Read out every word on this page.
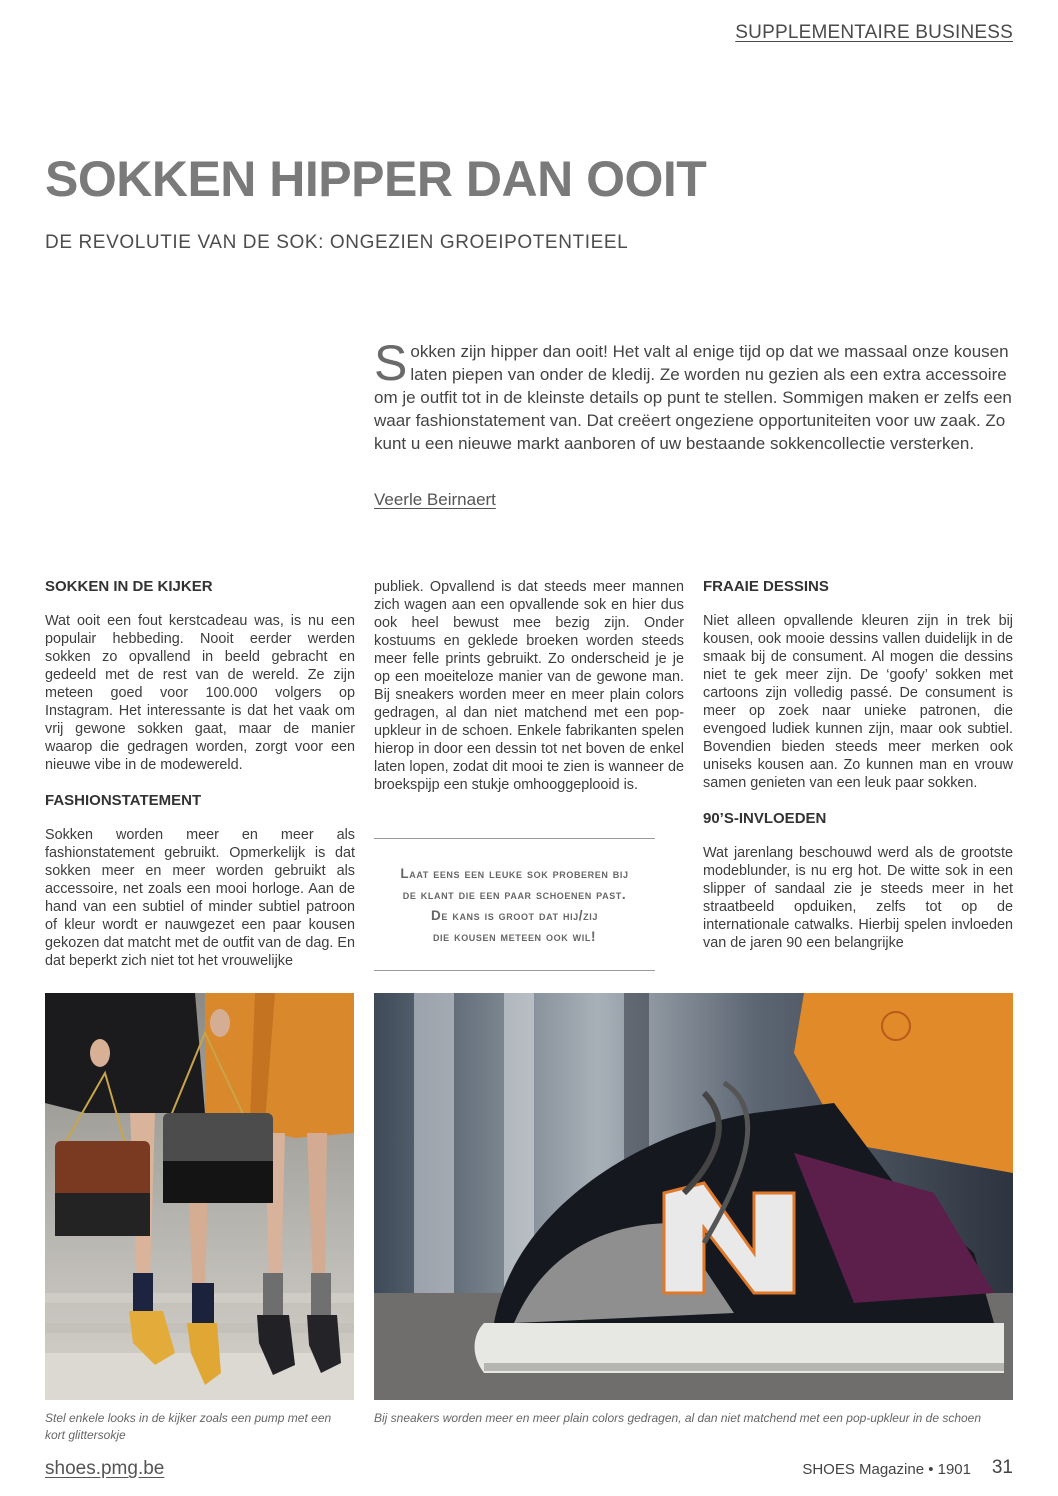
SUPPLEMENTAIRE BUSINESS
SOKKEN HIPPER DAN OOIT
DE REVOLUTIE VAN DE SOK: ONGEZIEN GROEIPOTENTIEEL
Sokken zijn hipper dan ooit! Het valt al enige tijd op dat we massaal onze kousen laten piepen van onder de kledij. Ze worden nu gezien als een extra accessoire om je outfit tot in de kleinste details op punt te stellen. Sommigen maken er zelfs een waar fashionstatement van. Dat creëert ongeziene opportuniteiten voor uw zaak. Zo kunt u een nieuwe markt aanboren of uw bestaande sokkencollectie versterken.
Veerle Beirnaert
SOKKEN IN DE KIJKER

Wat ooit een fout kerstcadeau was, is nu een populair hebbeding. Nooit eerder werden sokken zo opvallend in beeld gebracht en gedeeld met de rest van de wereld. Ze zijn meteen goed voor 100.000 volgers op Instagram. Het interessante is dat het vaak om vrij gewone sokken gaat, maar de manier waarop die gedragen worden, zorgt voor een nieuwe vibe in de modewereld.

FASHIONSTATEMENT

Sokken worden meer en meer als fashionstatement gebruikt. Opmerkelijk is dat sokken meer en meer worden gebruikt als accessoire, net zoals een mooi horloge. Aan de hand van een subtiel of minder subtiel patroon of kleur wordt er nauwgezet een paar kousen gekozen dat matcht met de outfit van de dag. En dat beperkt zich niet tot het vrouwelijke

publiek. Opvallend is dat steeds meer mannen zich wagen aan een opvallende sok en hier dus ook heel bewust mee bezig zijn. Onder kostuums en geklede broeken worden steeds meer felle prints gebruikt. Zo onderscheid je je op een moeiteloze manier van de gewone man. Bij sneakers worden meer en meer plain colors gedragen, al dan niet matchend met een pop-upkleur in de schoen. Enkele fabrikanten spelen hierop in door een dessin tot net boven de enkel laten lopen, zodat dit mooi te zien is wanneer de broekspijp een stukje omhooggeplooid is.

Laat eens een leuke sok proberen bij
de klant die een paar schoenen past.
De kans is groot dat hij/zij
die kousen meteen ook wil!
FRAAIE DESSINS

Niet alleen opvallende kleuren zijn in trek bij kousen, ook mooie dessins vallen duidelijk in de smaak bij de consument. Al mogen die dessins niet te gek meer zijn. De ‘goofy’ sokken met cartoons zijn volledig passé. De consument is meer op zoek naar unieke patronen, die evengoed ludiek kunnen zijn, maar ook subtiel. Bovendien bieden steeds meer merken ook uniseks kousen aan. Zo kunnen man en vrouw samen genieten van een leuk paar sokken.

90’S-INVLOEDEN

Wat jarenlang beschouwd werd als de grootste modeblunder, is nu erg hot. De witte sok in een slipper of sandaal zie je steeds meer in het straatbeeld opduiken, zelfs tot op de internationale catwalks. Hierbij spelen invloeden van de jaren 90 een belangrijke

Stel enkele looks in de kijker zoals een pump met een kort glittersokje
Bij sneakers worden meer en meer plain colors gedragen, al dan niet matchend met een pop-upkleur in de schoen
shoes.pmg.be	SHOES Magazine • 1901 31
